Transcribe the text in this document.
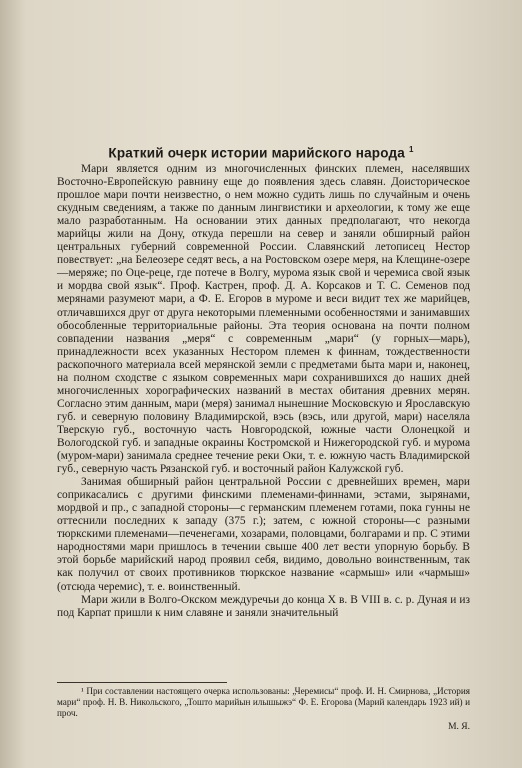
Краткий очерк истории марийского народа $^1$

Мари является одним из многочисленных финских племен, населявших Восточно-Европейскую равнину еще до появления здесь славян. Доисторическое прошлое мари почти неизвестно, о нем можно судить лишь по случайным и очень скудным сведениям, а также по данным лингвистики и археологии, к тому же еще мало разработанным. На основании этих данных предполагают, что некогда марийцы жили на Дону, откуда перешли на север и заняли обширный район центральных губерний современной России. Славянский летописец Нестор повествует: „на Белеозере седят весь, а на Ростовском озере меря, на Клещине-озере—меряже; по Оце-реце, где потече в Волгу, мурома язык свой и черемиса свой язык и мордва свой язык“. Проф. Кастрен, проф. Д. А. Корсаков и Т. С. Семенов под мерянами разумеют мари, а Ф. Е. Егоров в муроме и веси видит тех же марийцев, отличавшихся друг от друга некоторыми племенными особенностями и занимавших обособленные территориальные районы. Эта теория основана на почти полном совпадении названия „меря“ с современным „мари“ (у горных—марь), принадлежности всех указанных Нестором племен к финнам, тождественности раскопочного материала всей мерянской земли с предметами быта мари и, наконец, на полном сходстве с языком современных мари сохранившихся до наших дней многочисленных хорографических названий в местах обитания древних мерян. Согласно этим данным, мари (меря) занимал нынешние Московскую и Ярославскую губ. и северную половину Владимирской, вэсь (вэсь, или другой, мари) населяла Тверскую губ., восточную часть Новгородской, южные части Олонецкой и Вологодской губ. и западные окраины Костромской и Нижегородской губ. и мурома (муром-мари) занимала среднее течение реки Оки, т. е. южную часть Владимирской губ., северную часть Рязанской губ. и восточный район Калужской губ.

Занимая обширный район центральной России с древнейших времен, мари соприкасались с другими финскими племенами-финнами, эстами, зырянами, мордвой и пр., с западной стороны—с германским племенем готами, пока гунны не оттеснили последних к западу (375 г.); затем, с южной стороны—с разными тюркскими племенами—печенегами, хозарами, половцами, болгарами и пр. С этими народностями мари пришлось в течении свыше 400 лет вести упорную борьбу. В этой борьбе марийский народ проявил себя, видимо, довольно воинственным, так как получил от своих противников тюркское название «сармыш» или «чармыш» (отсюда черемис), т. е. воинственный.

Мари жили в Волго-Окском междуречьи до конца X в. В VIII в. с. р. Дуная и из под Карпат пришли к ним славяне и заняли значительный

¹ При составлении настоящего очерка использованы: „Черемисы“ проф. И. Н. Смирнова, „История мари“ проф. Н. В. Никольского, „Тошто марийын илышыжэ“ Ф. Е. Егорова (Марий календарь 1923 ий) и проч.

М. Я.
